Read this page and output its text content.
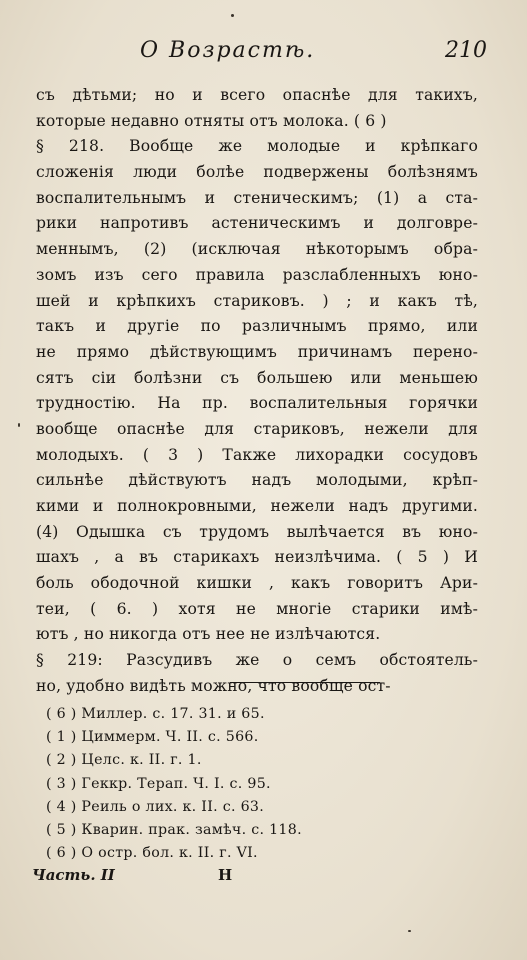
О Возрастѣ.	210
съ дѣтьми; но и всего опаснѣе для такихъ,
которые недавно отняты отъ молока. ( 6 )
§ 218. Вообще же молодые и крѣпкаго
сложенія люди болѣе подвержены болѣзнямъ
воспалительнымъ и стеническимъ; (1) а ста-
рики напротивъ астеническимъ и долговре-
меннымъ, (2) (исключая нѣкоторымъ обра-
зомъ изъ сего правила разслабленныхъ юно-
шей и крѣпкихъ стариковъ. ) ; и какъ тѣ,
такъ и другіе по различнымъ прямо, или
не прямо дѣйствующимъ причинамъ перено-
сятъ сіи болѣзни съ большею или меньшею
трудностію. На пр. воспалительныя горячки
вообще опаснѣе для стариковъ, нежели для
молодыхъ. ( 3 ) Также лихорадки сосудовъ
сильнѣе дѣйствуютъ надъ молодыми, крѣп-
кими и полнокровными, нежели надъ другими.
(4) Одышка съ трудомъ вылѣчается въ юно-
шахъ , а въ старикахъ неизлѣчима. ( 5 ) И
боль ободочной кишки , какъ говоритъ Ари-
теи, ( 6. ) хотя не многіе старики имѣ-
ютъ , но никогда отъ нее не излѣчаются.
§ 219: Разсудивъ же о семъ обстоятель-
но, удобно видѣть можно, что вообще ост-
( 6 ) Миллер. с. 17. 31. и 65.
( 1 ) Циммерм. Ч. II. с. 566.
( 2 ) Целс. к. II. г. 1.
( 3 ) Геккр. Терап. Ч. I. с. 95.
( 4 ) Реиль о лих. к. II. с. 63.
( 5 ) Кварин. прак. замѣч. с. 118.
( 6 ) О остр. бол. к. II. г. VI.
Часть. II	Н
